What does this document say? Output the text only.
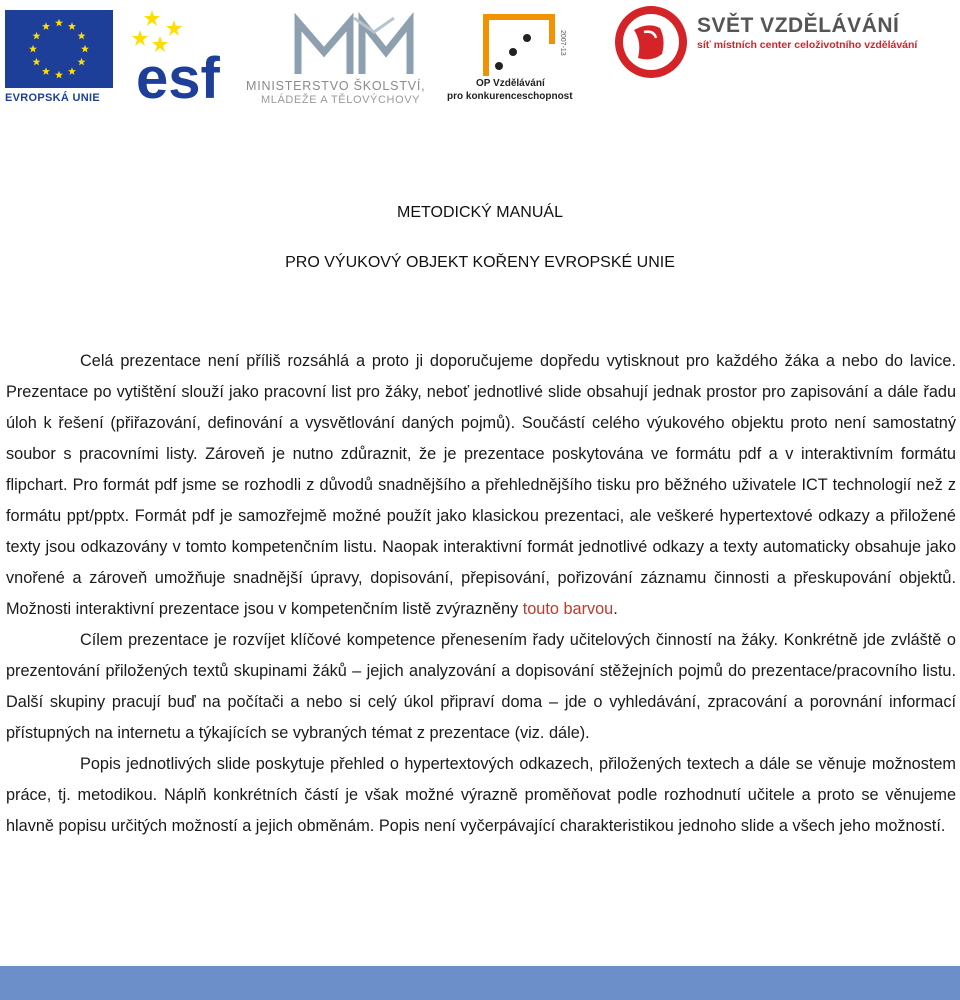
EVROPSKÁ UNIE esf MINISTERSTVO ŠKOLSTVÍ,
MLÁDEŽE A TĚLOVÝCHOVY
2007-13
OP Vzdělávání
pro konkurenceschopnost
SVĚT VZDĚLÁVÁNÍ
síť místních center celoživotního vzdělávání
METODICKÝ MANUÁL
PRO VÝUKOVÝ OBJEKT KOŘENY EVROPSKÉ UNIE

Celá prezentace není příliš rozsáhlá a proto ji doporučujeme dopředu vytisknout pro každého žáka a nebo do lavice. Prezentace po vytištění slouží jako pracovní list pro žáky, neboť jednotlivé slide obsahují jednak prostor pro zapisování a dále řadu úloh k řešení (přiřazování, definování a vysvětlování daných pojmů). Součástí celého výukového objektu proto není samostatný soubor s pracovními listy. Zároveň je nutno zdůraznit, že je prezentace poskytována ve formátu pdf a v interaktivním formátu flipchart. Pro formát pdf jsme se rozhodli z důvodů snadnějšího a přehlednějšího tisku pro běžného uživatele ICT technologií než z formátu ppt/pptx. Formát pdf je samozřejmě možné použít jako klasickou prezentaci, ale veškeré hypertextové odkazy a přiložené texty jsou odkazovány v tomto kompetenčním listu. Naopak interaktivní formát jednotlivé odkazy a texty automaticky obsahuje jako vnořené a zároveň umožňuje snadnější úpravy, dopisování, přepisování, pořizování záznamu činnosti a přeskupování objektů. Možnosti interaktivní prezentace jsou v kompetenčním listě zvýrazněny touto barvou.

Cílem prezentace je rozvíjet klíčové kompetence přenesením řady učitelových činností na žáky. Konkrétně jde zvláště o prezentování přiložených textů skupinami žáků – jejich analyzování a dopisování stěžejních pojmů do prezentace/pracovního listu. Další skupiny pracují buď na počítači a nebo si celý úkol připraví doma – jde o vyhledávání, zpracování a porovnání informací přístupných na internetu a týkajících se vybraných témat z prezentace (viz. dále).

Popis jednotlivých slide poskytuje přehled o hypertextových odkazech, přiložených textech a dále se věnuje možnostem práce, tj. metodikou. Náplň konkrétních částí je však možné výrazně proměňovat podle rozhodnutí učitele a proto se věnujeme hlavně popisu určitých možností a jejich obměnám. Popis není vyčerpávající charakteristikou jednoho slide a všech jeho možností.
